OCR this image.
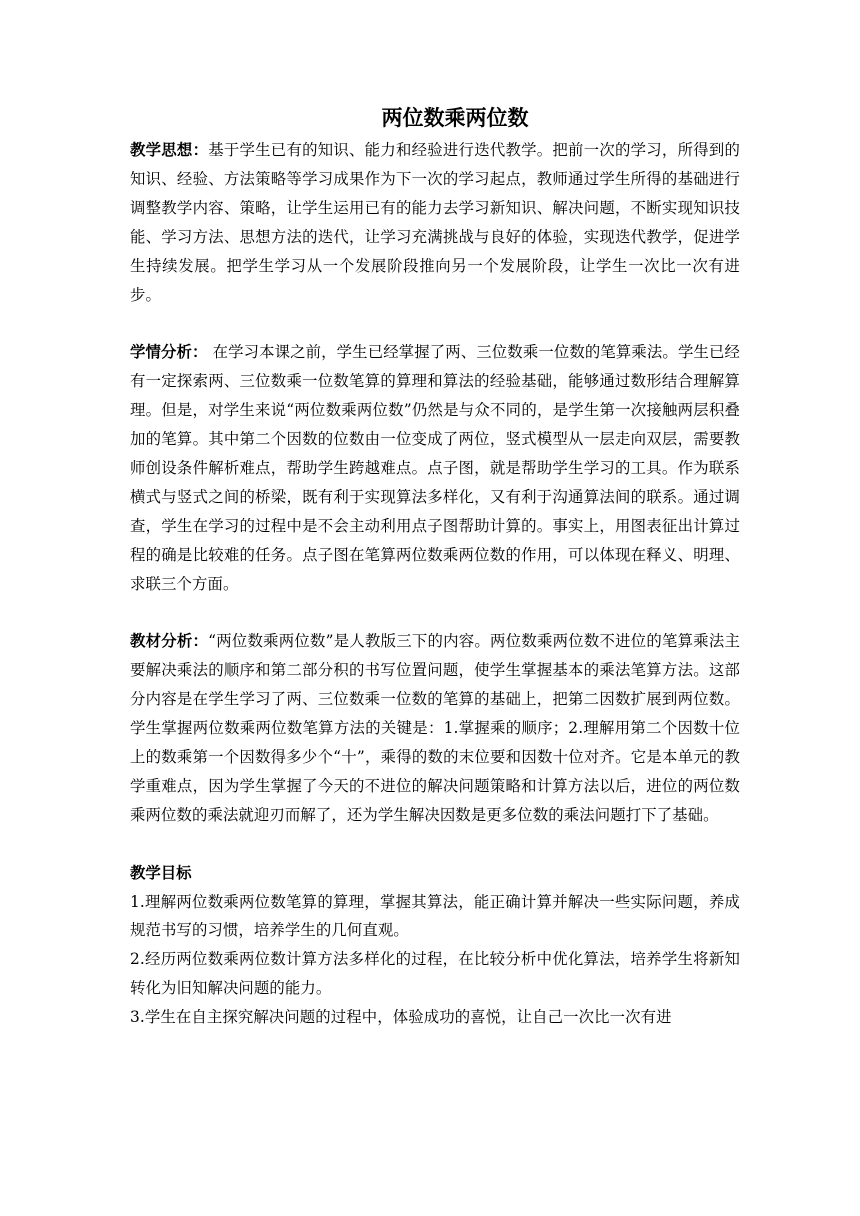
两位数乘两位数

教学思想：基于学生已有的知识、能力和经验进行迭代教学。把前一次的学习，所得到的知识、经验、方法策略等学习成果作为下一次的学习起点，教师通过学生所得的基础进行调整教学内容、策略，让学生运用已有的能力去学习新知识、解决问题，不断实现知识技能、学习方法、思想方法的迭代，让学习充满挑战与良好的体验，实现迭代教学，促进学生持续发展。把学生学习从一个发展阶段推向另一个发展阶段，让学生一次比一次有进步。

学情分析： 在学习本课之前，学生已经掌握了两、三位数乘一位数的笔算乘法。学生已经有一定探索两、三位数乘一位数笔算的算理和算法的经验基础，能够通过数形结合理解算理。但是，对学生来说“两位数乘两位数”仍然是与众不同的，是学生第一次接触两层积叠加的笔算。其中第二个因数的位数由一位变成了两位，竖式模型从一层走向双层，需要教师创设条件解析难点，帮助学生跨越难点。点子图，就是帮助学生学习的工具。作为联系横式与竖式之间的桥梁，既有利于实现算法多样化，又有利于沟通算法间的联系。通过调查，学生在学习的过程中是不会主动利用点子图帮助计算的。事实上，用图表征出计算过程的确是比较难的任务。点子图在笔算两位数乘两位数的作用，可以体现在释义、明理、求联三个方面。

教材分析：“两位数乘两位数”是人教版三下的内容。两位数乘两位数不进位的笔算乘法主要解决乘法的顺序和第二部分积的书写位置问题，使学生掌握基本的乘法笔算方法。这部分内容是在学生学习了两、三位数乘一位数的笔算的基础上，把第二因数扩展到两位数。学生掌握两位数乘两位数笔算方法的关键是：1.掌握乘的顺序；2.理解用第二个因数十位上的数乘第一个因数得多少个“十”，乘得的数的末位要和因数十位对齐。它是本单元的教学重难点，因为学生掌握了今天的不进位的解决问题策略和计算方法以后，进位的两位数乘两位数的乘法就迎刃而解了，还为学生解决因数是更多位数的乘法问题打下了基础。

教学目标

1.理解两位数乘两位数笔算的算理，掌握其算法，能正确计算并解决一些实际问题，养成规范书写的习惯，培养学生的几何直观。

2.经历两位数乘两位数计算方法多样化的过程，在比较分析中优化算法，培养学生将新知转化为旧知解决问题的能力。

3.学生在自主探究解决问题的过程中，体验成功的喜悦，让自己一次比一次有进
